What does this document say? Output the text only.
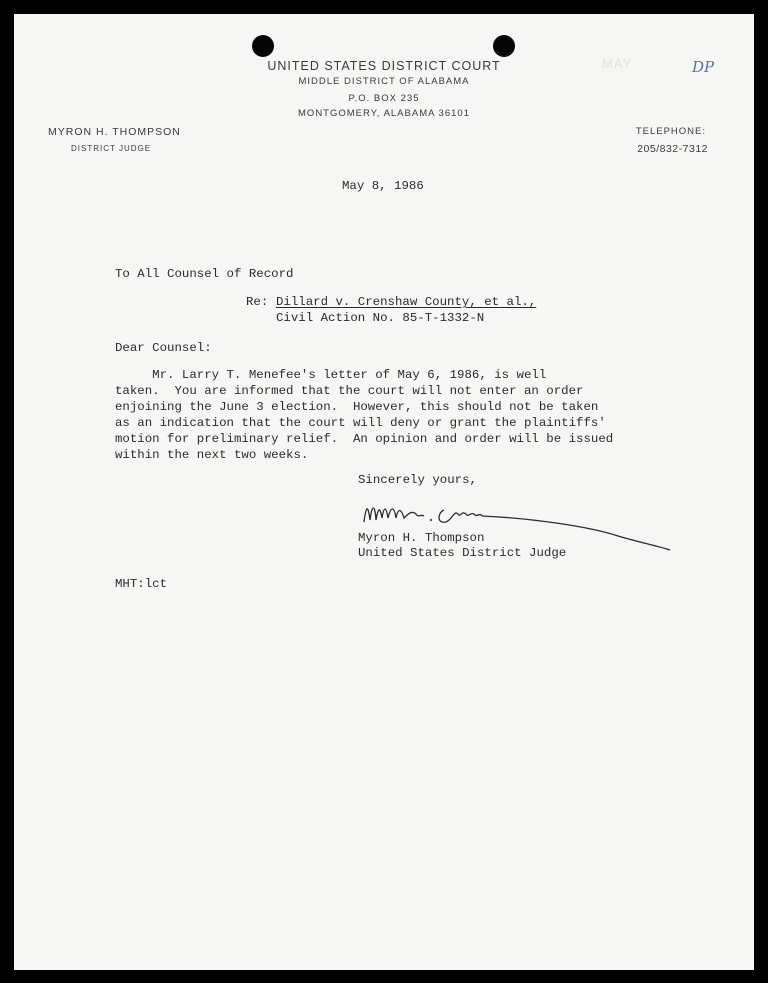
UNITED STATES DISTRICT COURT
MIDDLE DISTRICT OF ALABAMA
P.O. BOX 235
MONTGOMERY, ALABAMA 36101
MYRON H. THOMPSON
DISTRICT JUDGE
TELEPHONE:
205/832-7312
MAY	DP
May 8, 1986
To All Counsel of Record
Re: Dillard v. Crenshaw County, et al.,
Civil Action No. 85-T-1332-N
Dear Counsel:
Mr. Larry T. Menefee's letter of May 6, 1986, is well
taken.  You are informed that the court will not enter an order
enjoining the June 3 election.  However, this should not be taken
as an indication that the court will deny or grant the plaintiffs'
motion for preliminary relief.  An opinion and order will be issued
within the next two weeks.
Sincerely yours,
Myron H. Thompson
United States District Judge
MHT:lct
